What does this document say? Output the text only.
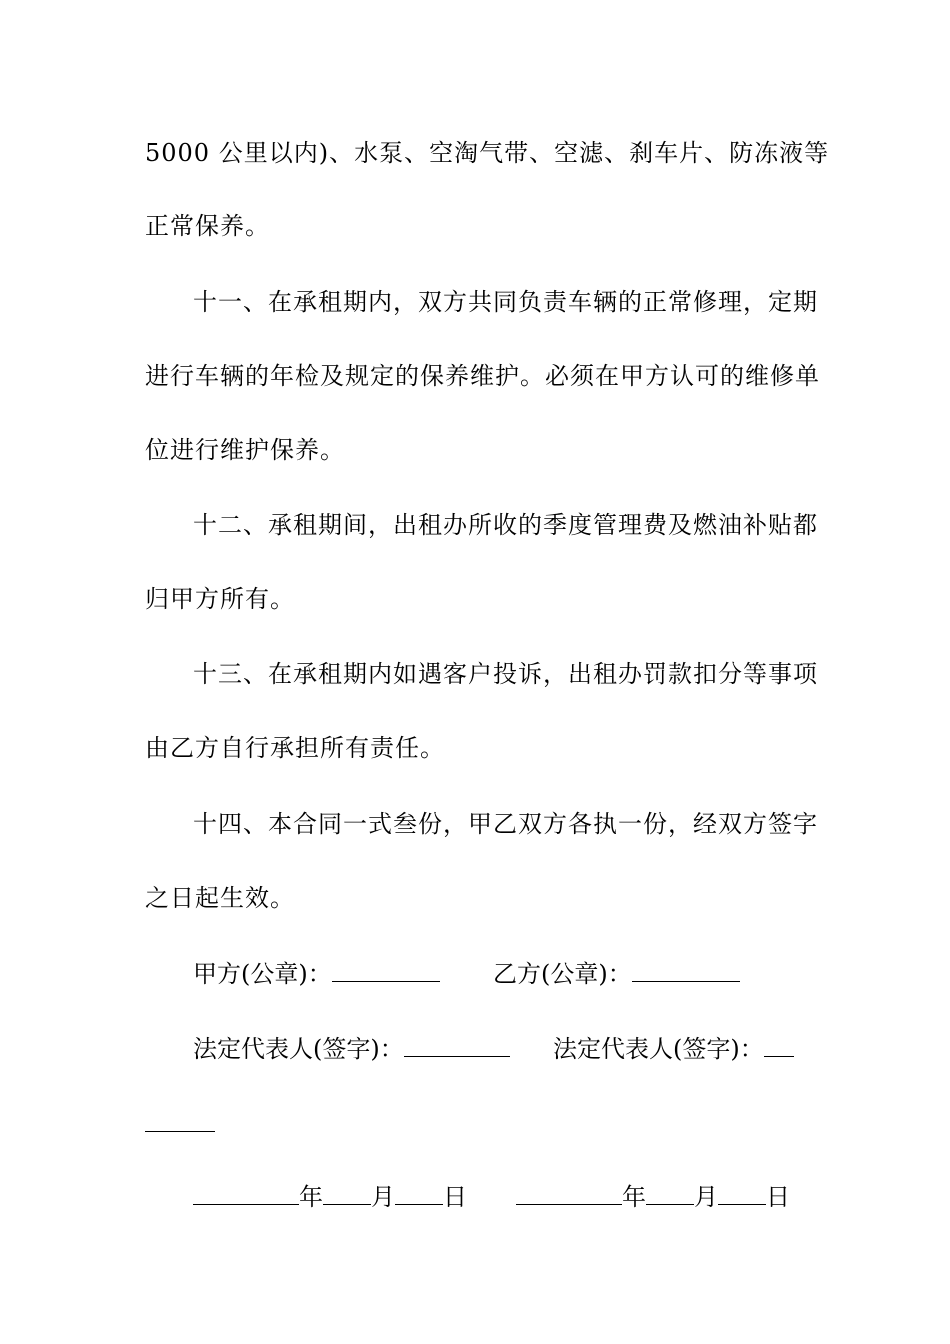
5000 公里以内)、水泵、空淘气带、空滤、刹车片、防冻液等
正常保养。
十一、在承租期内，双方共同负责车辆的正常修理，定期
进行车辆的年检及规定的保养维护。必须在甲方认可的维修单
位进行维护保养。
十二、承租期间，出租办所收的季度管理费及燃油补贴都
归甲方所有。
十三、在承租期内如遇客户投诉，出租办罚款扣分等事项
由乙方自行承担所有责任。
十四、本合同一式叁份，甲乙双方各执一份，经双方签字
之日起生效。
甲方(公章)：	乙方(公章)：
法定代表人(签字)：	法定代表人(签字)：
年 月 日	年 月 日
